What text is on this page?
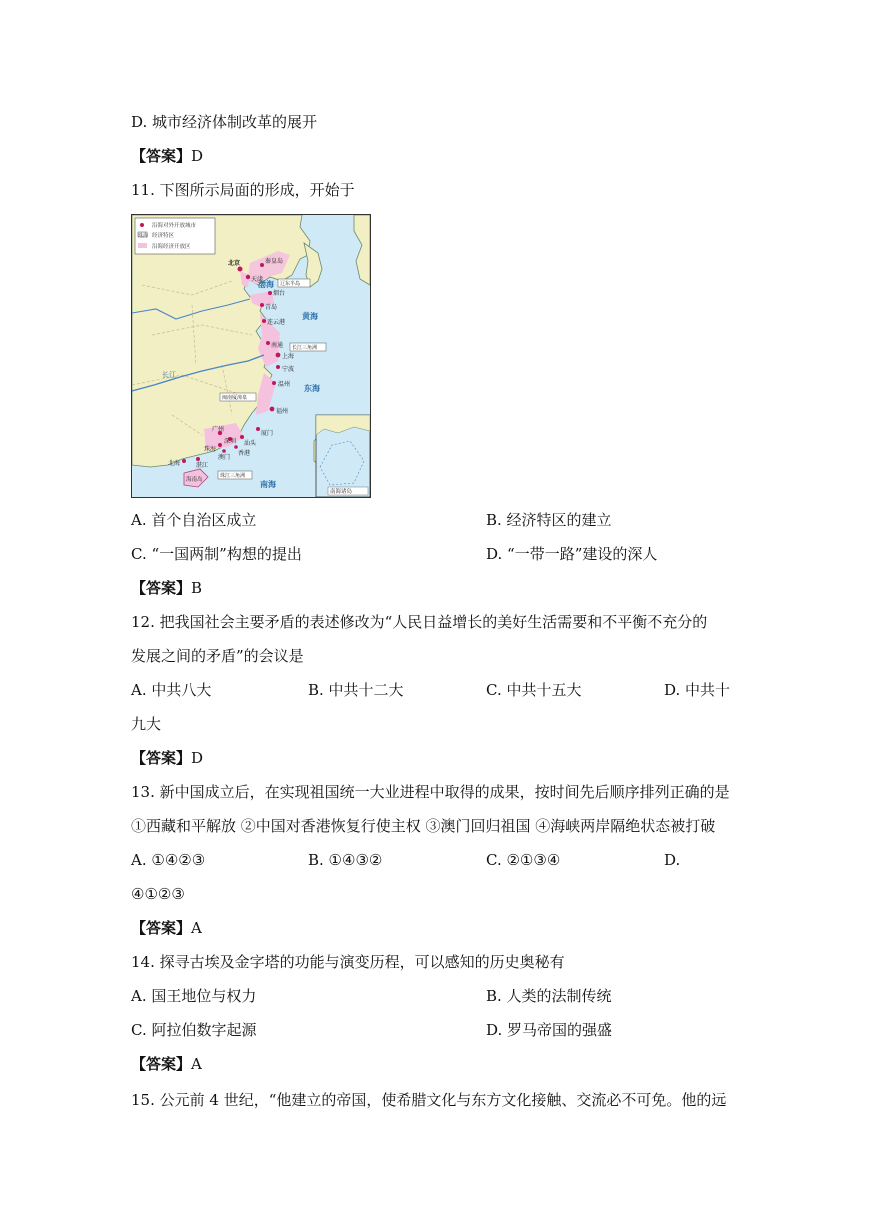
D. 城市经济体制改革的展开
【答案】D
11. 下图所示局面的形成，开始于
沿海对外开放城市
珠海 经济特区
沿海经济开放区
北京
天津
秦皇岛
烟台
青岛
连云港
南通
上海
宁波
温州
福州
厦门
汕头
深圳
广州
珠海
澳门
香港
湛江
北海
海南岛
辽东半岛
长江三角洲
闽南厦漳泉
珠江三角洲
渤海
黄海
东海
南海
长江
南海诸岛
A. 首个自治区成立	B. 经济特区的建立
C. “一国两制”构想的提出	D. “一带一路”建设的深人
【答案】B
12. 把我国社会主要矛盾的表述修改为“人民日益增长的美好生活需要和不平衡不充分的
发展之间的矛盾”的会议是
A. 中共八大	B. 中共十二大	C. 中共十五大	D. 中共十
九大
【答案】D
13. 新中国成立后，在实现祖国统一大业进程中取得的成果，按时间先后顺序排列正确的是
①西藏和平解放 ②中国对香港恢复行使主权 ③澳门回归祖国 ④海峡两岸隔绝状态被打破
A. ①④②③	B. ①④③②	C. ②①③④	D.
④①②③
【答案】A
14. 探寻古埃及金字塔的功能与演变历程，可以感知的历史奥秘有
A. 国王地位与权力	B. 人类的法制传统
C. 阿拉伯数字起源	D. 罗马帝国的强盛
【答案】A
15. 公元前 4 世纪，“他建立的帝国，使希腊文化与东方文化接触、交流必不可免。他的远
